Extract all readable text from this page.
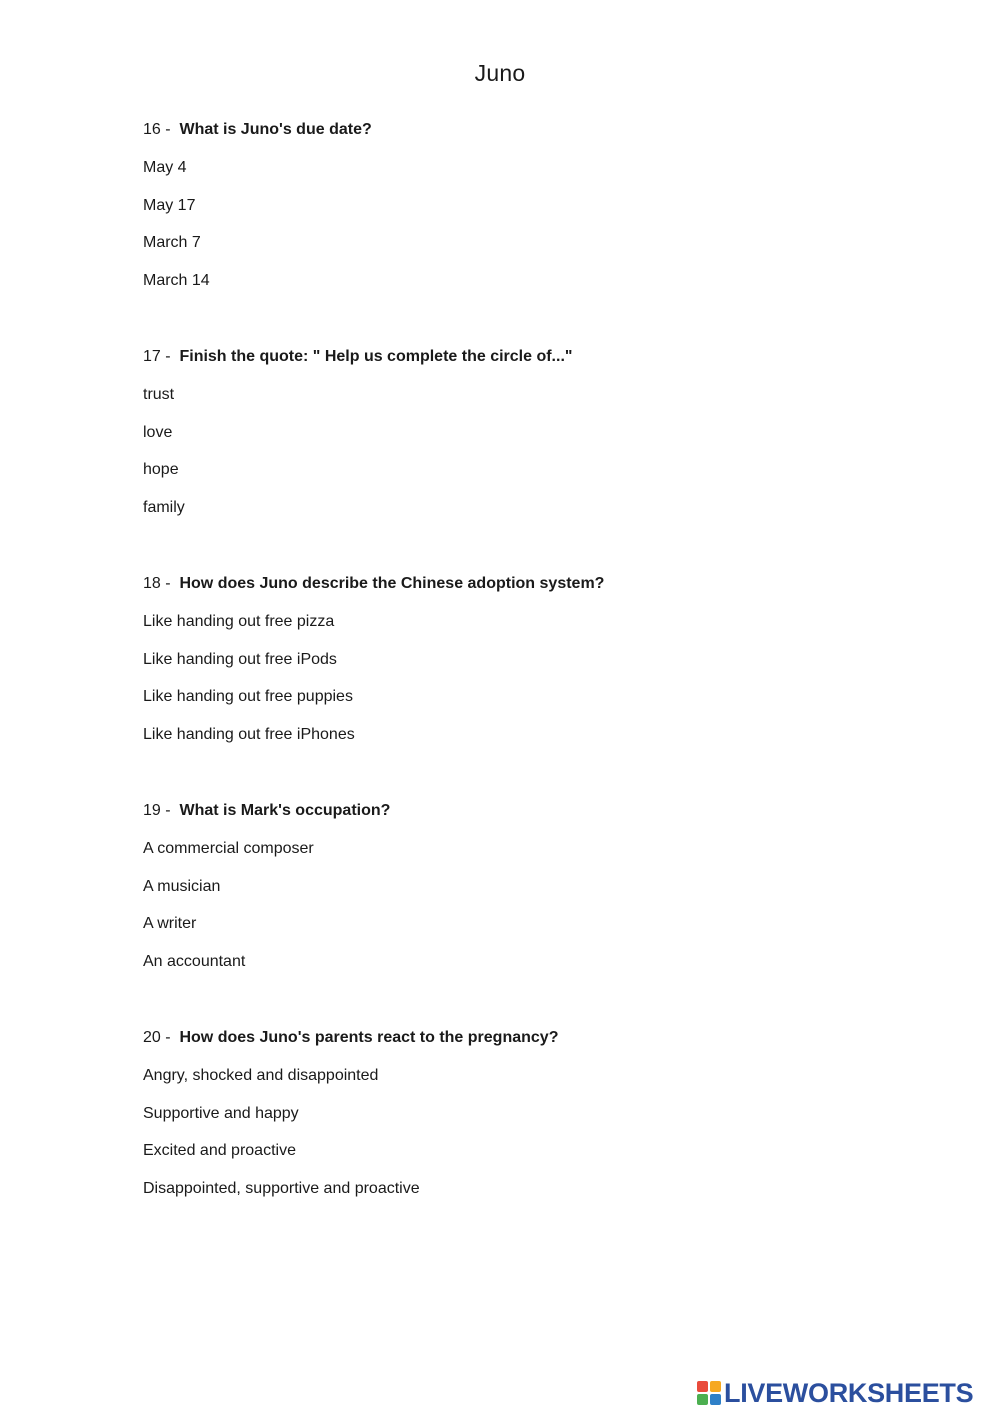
Juno
16 - What is Juno's due date?
May 4
May 17
March 7
March 14
17 - Finish the quote: " Help us complete the circle of..."
trust
love
hope
family
18 - How does Juno describe the Chinese adoption system?
Like handing out free pizza
Like handing out free iPods
Like handing out free puppies
Like handing out free iPhones
19 - What is Mark's occupation?
A commercial composer
A musician
A writer
An accountant
20 - How does Juno's parents react to the pregnancy?
Angry, shocked and disappointed
Supportive and happy
Excited and proactive
Disappointed, supportive and proactive
LIVEWORKSHEETS
